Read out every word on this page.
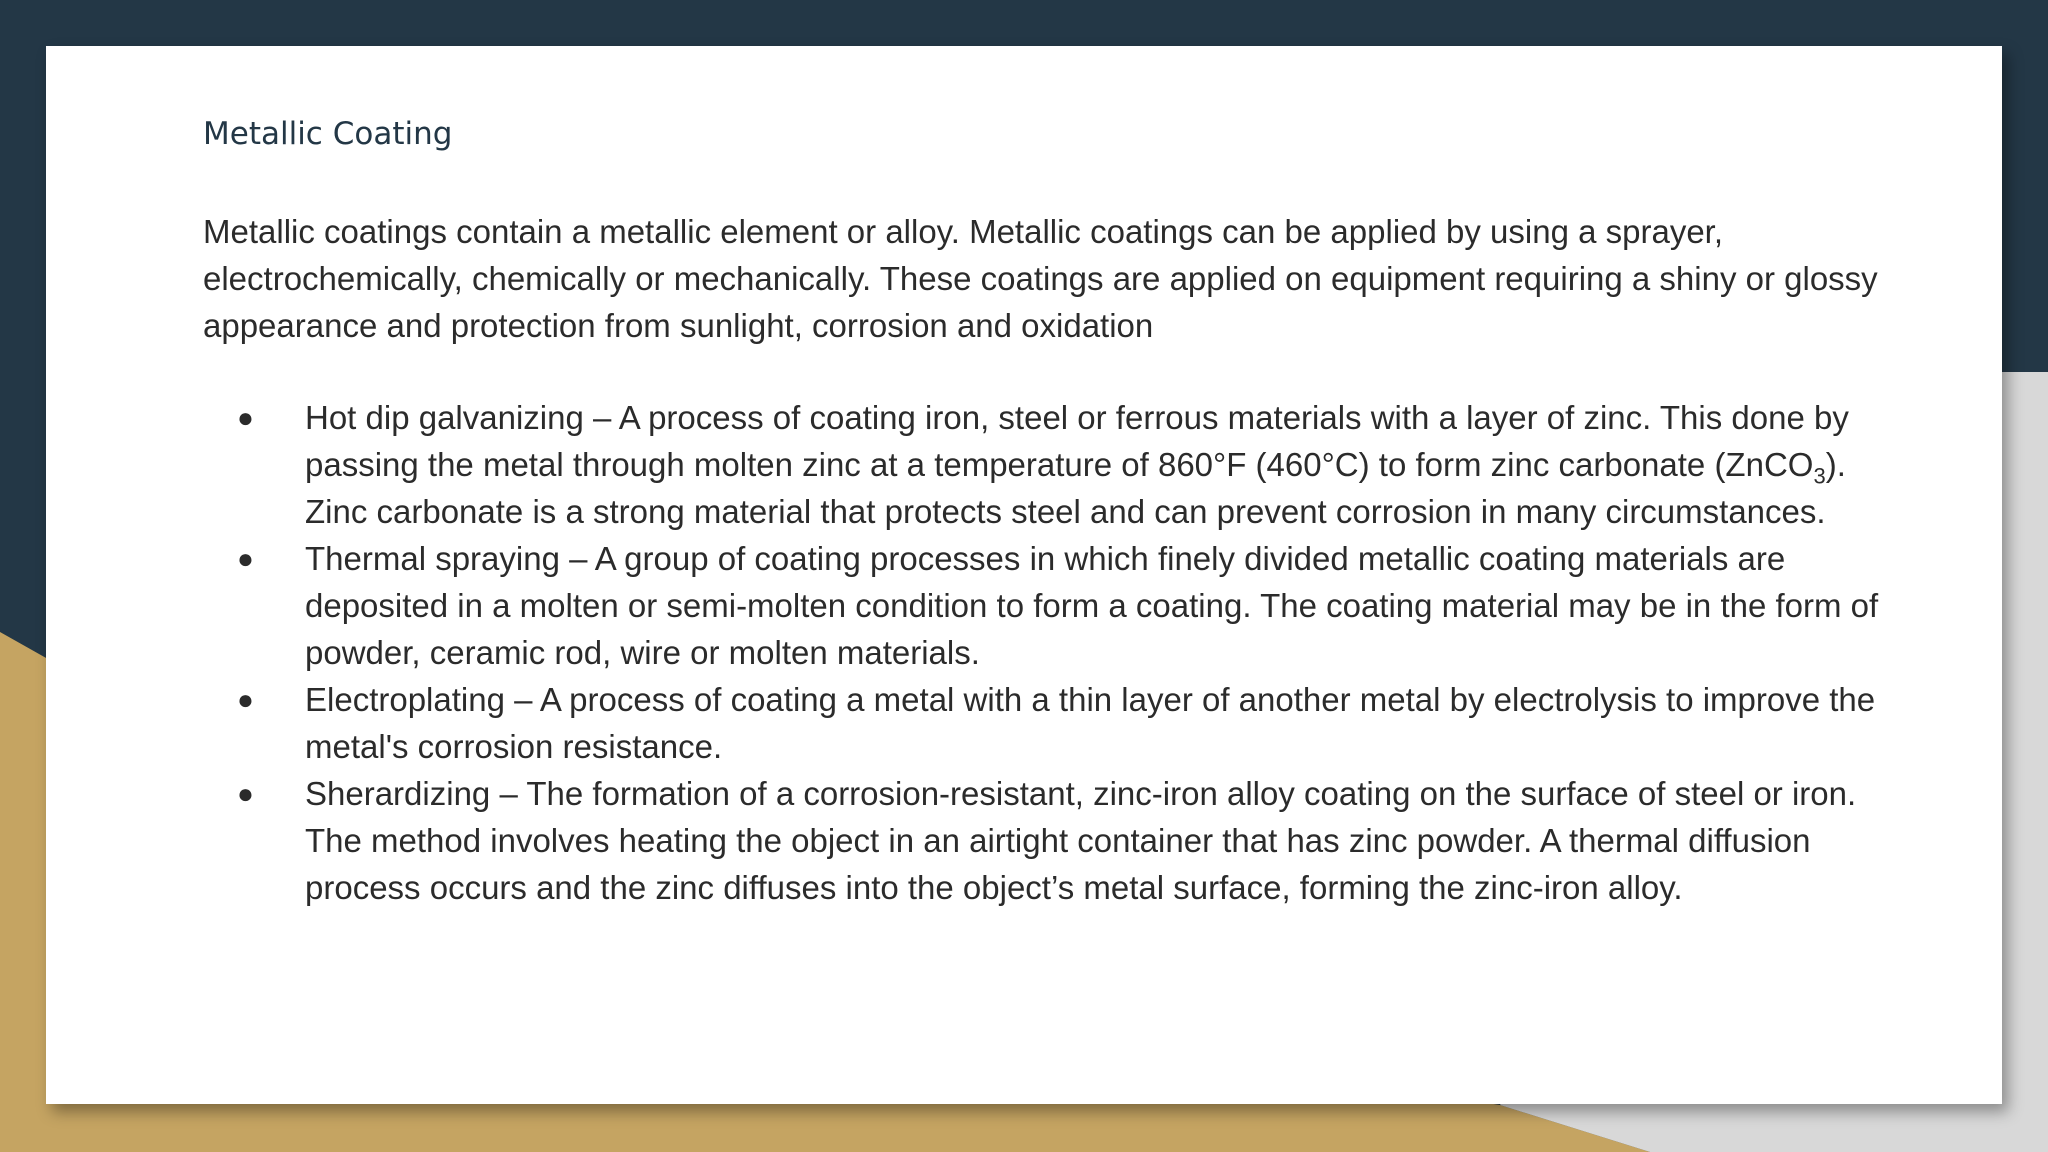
Metallic Coating

Metallic coatings contain a metallic element or alloy. Metallic coatings can be applied by using a sprayer, electrochemically, chemically or mechanically. These coatings are applied on equipment requiring a shiny or glossy appearance and protection from sunlight, corrosion and oxidation

● Hot dip galvanizing – A process of coating iron, steel or ferrous materials with a layer of zinc. This done by passing the metal through molten zinc at a temperature of 860°F (460°C) to form zinc carbonate (ZnCO$_3$). Zinc carbonate is a strong material that protects steel and can prevent corrosion in many circumstances.
● Thermal spraying – A group of coating processes in which finely divided metallic coating materials are deposited in a molten or semi-molten condition to form a coating. The coating material may be in the form of powder, ceramic rod, wire or molten materials.
● Electroplating – A process of coating a metal with a thin layer of another metal by electrolysis to improve the metal's corrosion resistance.
● Sherardizing – The formation of a corrosion-resistant, zinc-iron alloy coating on the surface of steel or iron. The method involves heating the object in an airtight container that has zinc powder. A thermal diffusion process occurs and the zinc diffuses into the object’s metal surface, forming the zinc-iron alloy.
